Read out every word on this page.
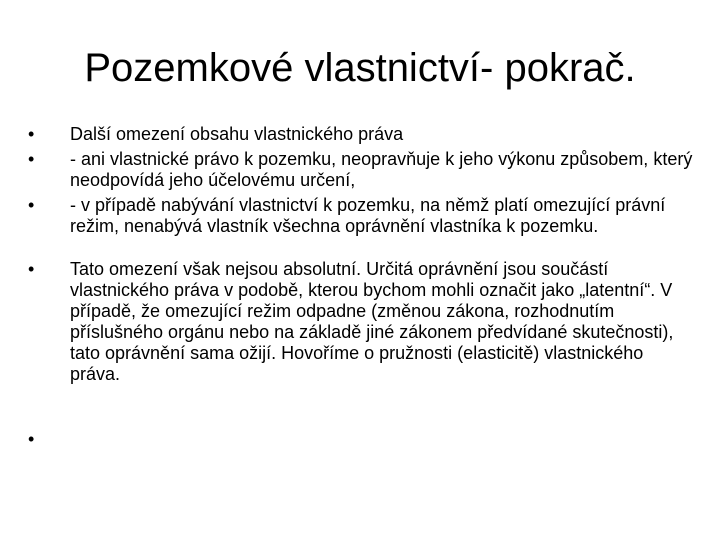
Pozemkové vlastnictví- pokrač.
•	Další omezení obsahu vlastnického práva
•	- ani vlastnické právo k pozemku, neopravňuje k jeho výkonu způsobem, který neodpovídá jeho účelovému určení,
•	- v případě nabývání vlastnictví k pozemku, na němž platí omezující právní režim, nenabývá vlastník všechna oprávnění vlastníka k pozemku.
•	Tato omezení však nejsou absolutní. Určitá oprávnění jsou součástí vlastnického práva v podobě, kterou bychom mohli označit jako „latentní“. V případě, že omezující režim odpadne (změnou zákona, rozhodnutím příslušného orgánu nebo na základě jiné zákonem předvídané skutečnosti), tato oprávnění sama ožijí. Hovoříme o pružnosti (elasticitě) vlastnického práva.
•
